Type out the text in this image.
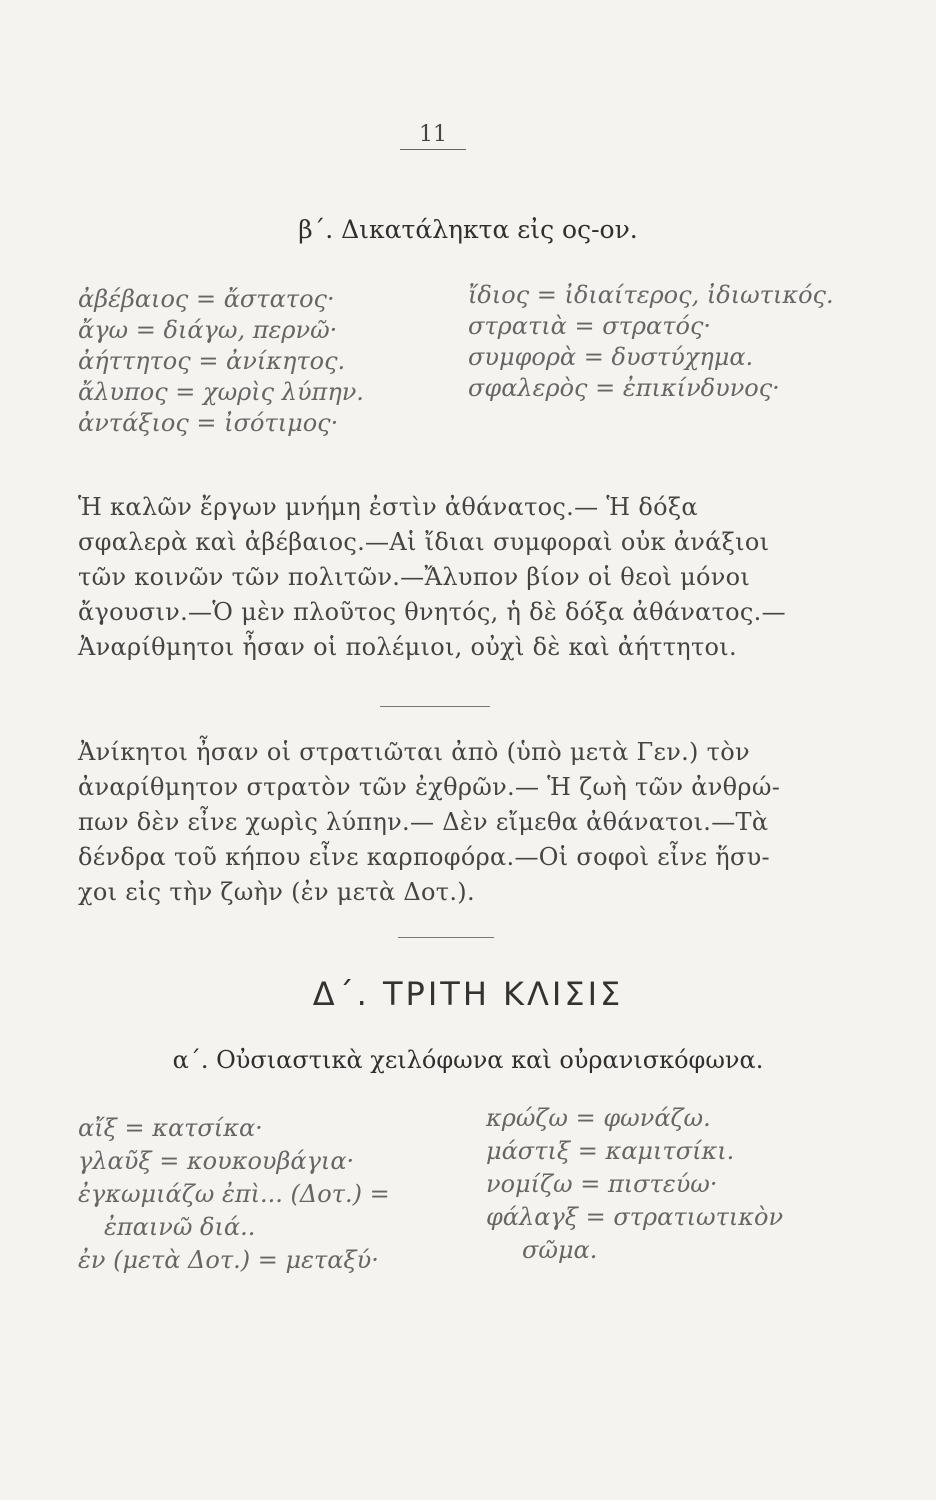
11
β΄. Δικατάληκτα εἰς ος-ον.
ἀβέβαιος = ἄστατος·
ἄγω = διάγω, περνῶ·
ἀήττητος = ἀνίκητος.
ἄλυπος = χωρὶς λύπην.
ἀντάξιος = ἰσότιμος·
ἴδιος = ἰδιαίτερος, ἰδιωτικός.
στρατιὰ = στρατός·
συμφορὰ = δυστύχημα.
σφαλερὸς = ἐπικίνδυνος·
Ἡ καλῶν ἔργων μνήμη ἐστὶν ἀθάνατος.— Ἡ δόξα
σφαλερὰ καὶ ἀβέβαιος.—Αἱ ἴδιαι συμφοραὶ οὐκ ἀνάξιοι
τῶν κοινῶν τῶν πολιτῶν.—Ἄλυπον βίον οἱ θεοὶ μόνοι
ἄγουσιν.—Ὁ μὲν πλοῦτος θνητός, ἡ δὲ δόξα ἀθάνατος.—
Ἀναρίθμητοι ἦσαν οἱ πολέμιοι, οὐχὶ δὲ καὶ ἀήττητοι.
Ἀνίκητοι ἦσαν οἱ στρατιῶται ἀπὸ (ὑπὸ μετὰ Γεν.) τὸν
ἀναρίθμητον στρατὸν τῶν ἐχθρῶν.— Ἡ ζωὴ τῶν ἀνθρώ-
πων δὲν εἶνε χωρὶς λύπην.— Δὲν εἴμεθα ἀθάνατοι.—Τὰ
δένδρα τοῦ κήπου εἶνε καρποφόρα.—Οἱ σοφοὶ εἶνε ἥσυ-
χοι εἰς τὴν ζωὴν (ἐν μετὰ Δοτ.).
Δ΄. ΤΡΙΤΗ ΚΛΙΣΙΣ
α΄. Οὐσιαστικὰ χειλόφωνα καὶ οὐρανισκόφωνα.
αἴξ = κατσίκα·
γλαῦξ = κουκουβάγια·
ἐγκωμιάζω ἐπὶ... (Δοτ.) =
ἐπαινῶ διά..
ἐν (μετὰ Δοτ.) = μεταξύ·
κρώζω = φωνάζω.
μάστιξ = καμιτσίκι.
νομίζω = πιστεύω·
φάλαγξ = στρατιωτικὸν
σῶμα.
